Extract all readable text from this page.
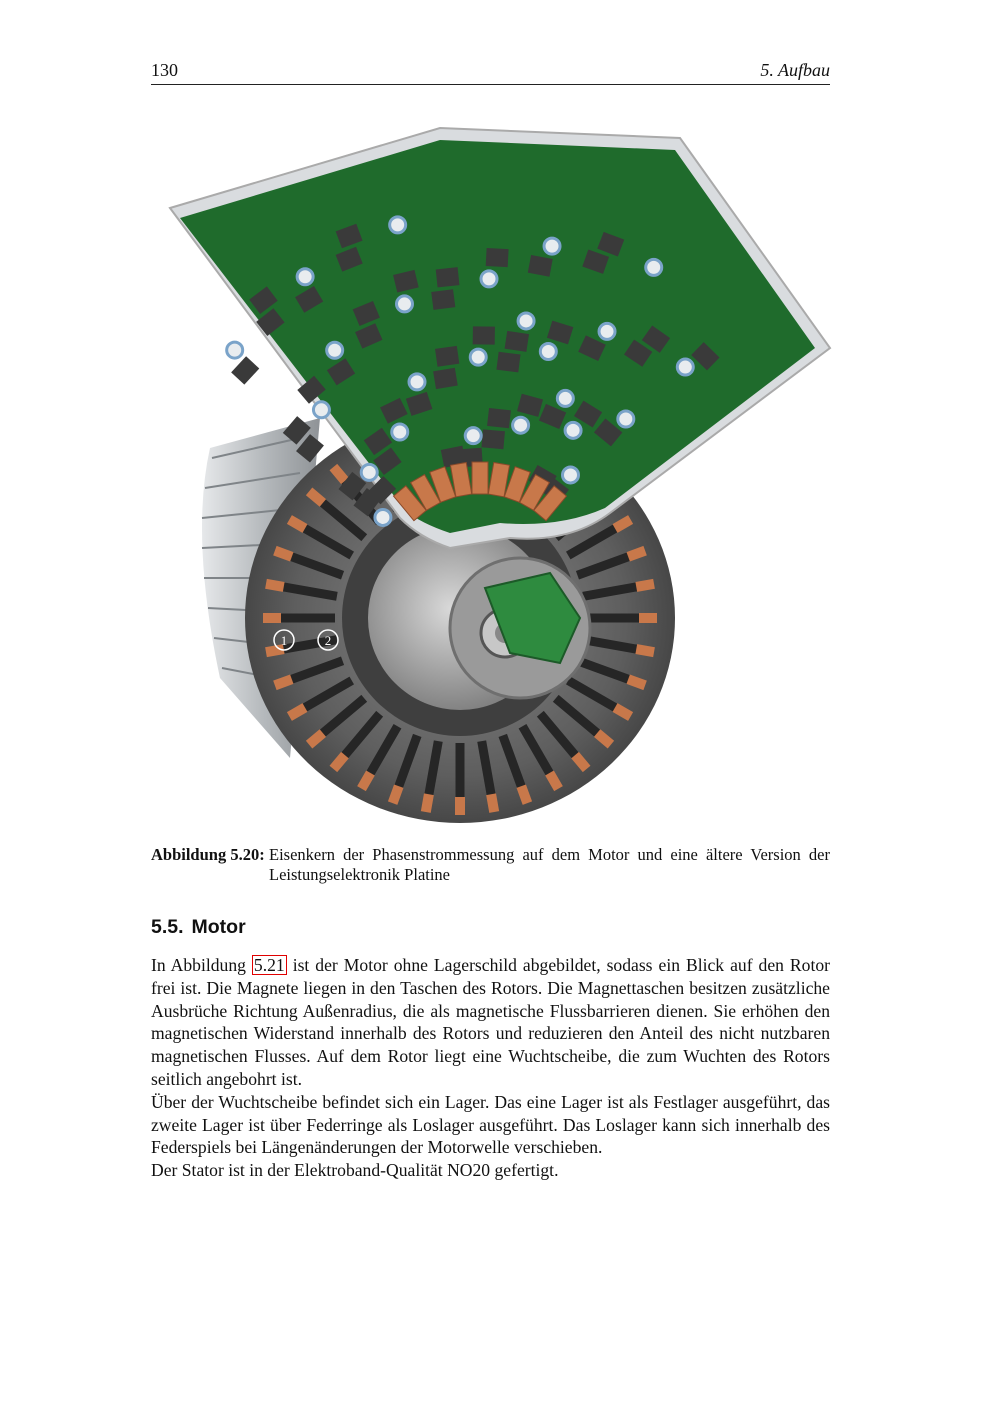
130	5. Aufbau
1	2
Abbildung 5.20: Eisenkern der Phasenstrommessung auf dem Motor und eine ältere Version der Leistungselektronik Platine
5.5. Motor

In Abbildung 5.21 ist der Motor ohne Lagerschild abgebildet, sodass ein Blick auf den Rotor frei ist. Die Magnete liegen in den Taschen des Rotors. Die Magnettaschen besitzen zusätzliche Ausbrüche Richtung Außenradius, die als magnetische Flussbarrieren dienen. Sie erhöhen den magnetischen Widerstand innerhalb des Rotors und reduzieren den Anteil des nicht nutzbaren magnetischen Flusses. Auf dem Rotor liegt eine Wuchtscheibe, die zum Wuchten des Rotors seitlich angebohrt ist.

Über der Wuchtscheibe befindet sich ein Lager. Das eine Lager ist als Festlager ausgeführt, das zweite Lager ist über Federringe als Loslager ausgeführt. Das Loslager kann sich innerhalb des Federspiels bei Längenänderungen der Motorwelle verschieben.

Der Stator ist in der Elektroband-Qualität NO20 gefertigt.
